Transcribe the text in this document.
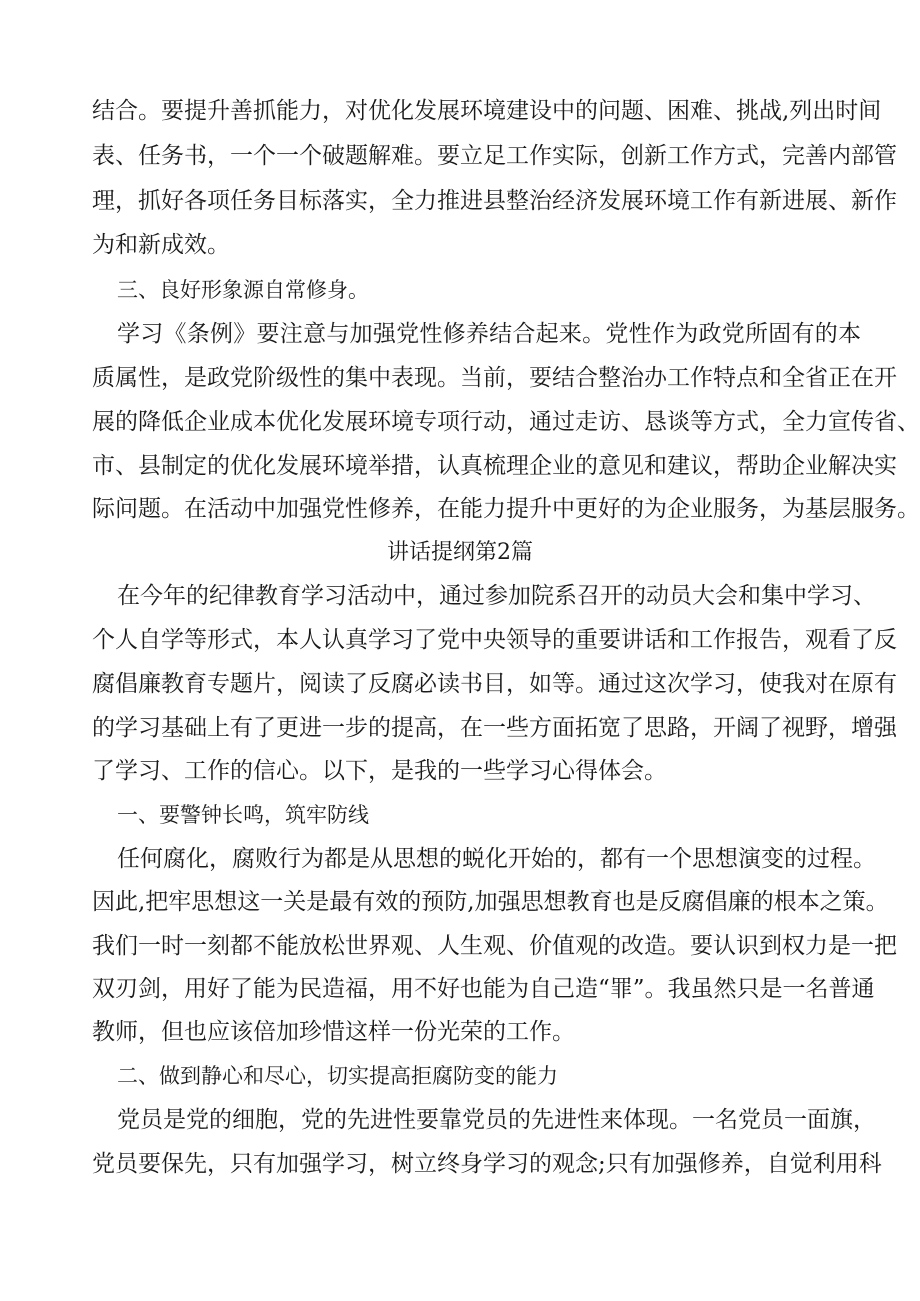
结合。要提升善抓能力，对优化发展环境建设中的问题、困难、挑战,列出时间
表、任务书，一个一个破题解难。要立足工作实际，创新工作方式，完善内部管
理，抓好各项任务目标落实，全力推进县整治经济发展环境工作有新进展、新作
为和新成效。
三、良好形象源自常修身。
学习《条例》要注意与加强党性修养结合起来。党性作为政党所固有的本
质属性，是政党阶级性的集中表现。当前，要结合整治办工作特点和全省正在开
展的降低企业成本优化发展环境专项行动，通过走访、恳谈等方式，全力宣传省、
市、县制定的优化发展环境举措，认真梳理企业的意见和建议，帮助企业解决实
际问题。在活动中加强党性修养，在能力提升中更好的为企业服务，为基层服务。
讲话提纲第2篇
在今年的纪律教育学习活动中，通过参加院系召开的动员大会和集中学习、
个人自学等形式，本人认真学习了党中央领导的重要讲话和工作报告，观看了反
腐倡廉教育专题片，阅读了反腐必读书目，如等。通过这次学习，使我对在原有
的学习基础上有了更进一步的提高，在一些方面拓宽了思路，开阔了视野，增强
了学习、工作的信心。以下，是我的一些学习心得体会。
一、要警钟长鸣，筑牢防线
任何腐化，腐败行为都是从思想的蜕化开始的，都有一个思想演变的过程。
因此,把牢思想这一关是最有效的预防,加强思想教育也是反腐倡廉的根本之策。
我们一时一刻都不能放松世界观、人生观、价值观的改造。要认识到权力是一把
双刃剑，用好了能为民造福，用不好也能为自己造“罪”。我虽然只是一名普通
教师，但也应该倍加珍惜这样一份光荣的工作。
二、做到静心和尽心，切实提高拒腐防变的能力
党员是党的细胞，党的先进性要靠党员的先进性来体现。一名党员一面旗，
党员要保先，只有加强学习，树立终身学习的观念;只有加强修养，自觉利用科
